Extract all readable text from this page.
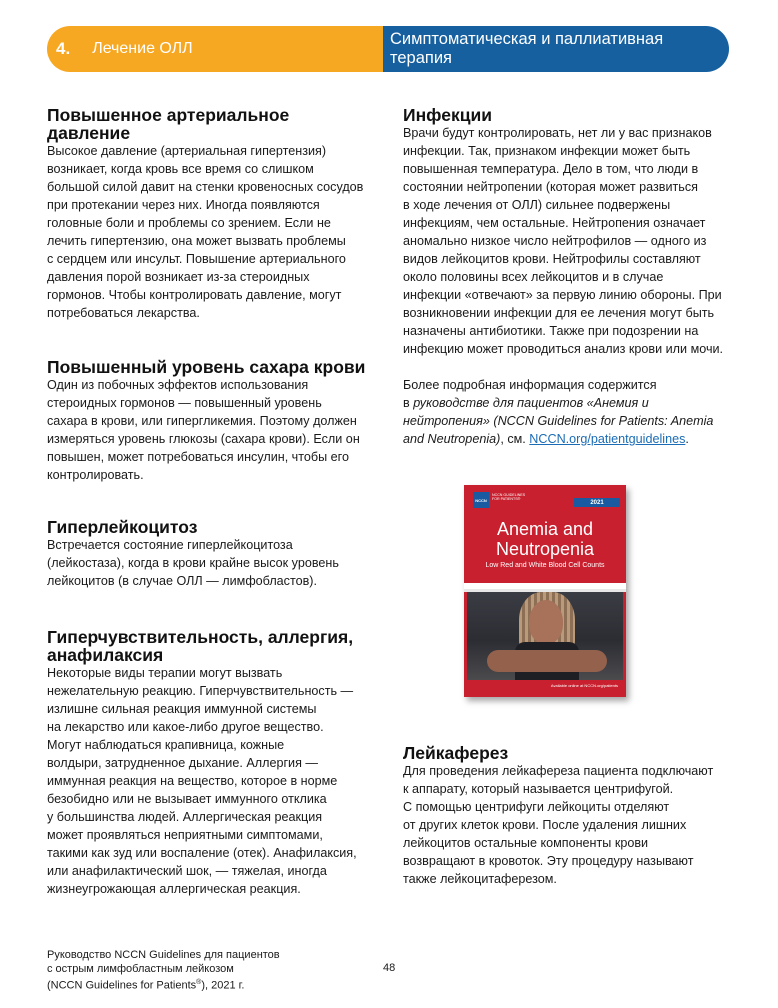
4. Лечение ОЛЛ
Симптоматическая и паллиативная терапия
Повышенное артериальное
давление

Высокое давление (артериальная гипертензия)

возникает, когда кровь все время со слишком

большой силой давит на стенки кровеносных сосудов

при протекании через них. Иногда появляются

головные боли и проблемы со зрением. Если не

лечить гипертензию, она может вызвать проблемы

с сердцем или инсульт. Повышение артериального

давления порой возникает из-за стероидных

гормонов. Чтобы контролировать давление, могут

потребоваться лекарства.

Повышенный уровень сахара крови

Один из побочных эффектов использования

стероидных гормонов — повышенный уровень

сахара в крови, или гипергликемия. Поэтому должен

измеряться уровень глюкозы (сахара крови). Если он

повышен, может потребоваться инсулин, чтобы его

контролировать.

Гиперлейкоцитоз

Встречается состояние гиперлейкоцитоза

(лейкостаза), когда в крови крайне высок уровень

лейкоцитов (в случае ОЛЛ — лимфобластов).

Гиперчувствительность, аллергия,
анафилаксия

Некоторые виды терапии могут вызвать

нежелательную реакцию. Гиперчувствительность —

излишне сильная реакция иммунной системы

на лекарство или какое-либо другое вещество.

Могут наблюдаться крапивница, кожные

волдыри, затрудненное дыхание. Аллергия —

иммунная реакция на вещество, которое в норме

безобидно или не вызывает иммунного отклика

у большинства людей. Аллергическая реакция

может проявляться неприятными симптомами,

такими как зуд или воспаление (отек). Анафилаксия,

или анафилактический шок, — тяжелая, иногда

жизнеугрожающая аллергическая реакция.

Инфекции

Врачи будут контролировать, нет ли у вас признаков

инфекции. Так, признаком инфекции может быть

повышенная температура. Дело в том, что люди в

состоянии нейтропении (которая может развиться

в ходе лечения от ОЛЛ) сильнее подвержены

инфекциям, чем остальные. Нейтропения означает

аномально низкое число нейтрофилов — одного из

видов лейкоцитов крови. Нейтрофилы составляют

около половины всех лейкоцитов и в случае

инфекции «отвечают» за первую линию обороны. При

возникновении инфекции для ее лечения могут быть

назначены антибиотики. Также при подозрении на

инфекцию может проводиться анализ крови или мочи.

Более подробная информация содержится

в руководстве для пациентов «Анемия и

нейтропения» (NCCN Guidelines for Patients: Anemia

and Neutropenia), см. NCCN.org/patientguidelines.

NCCN
NCCN GUIDELINES FOR PATIENTS®
2021
Anemia and
Neutropenia
Low Red and White Blood Cell Counts
Available online at NCCN.org/patients
Лейкаферез

Для проведения лейкафереза пациента подключают

к аппарату, который называется центрифугой.

С помощью центрифуги лейкоциты отделяют

от других клеток крови. После удаления лишних

лейкоцитов остальные компоненты крови

возвращают в кровоток. Эту процедуру называют

также лейкоцитаферезом.

Руководство NCCN Guidelines для пациентов
с острым лимфобластным лейкозом
(NCCN Guidelines for Patients®), 2021 г.
48
